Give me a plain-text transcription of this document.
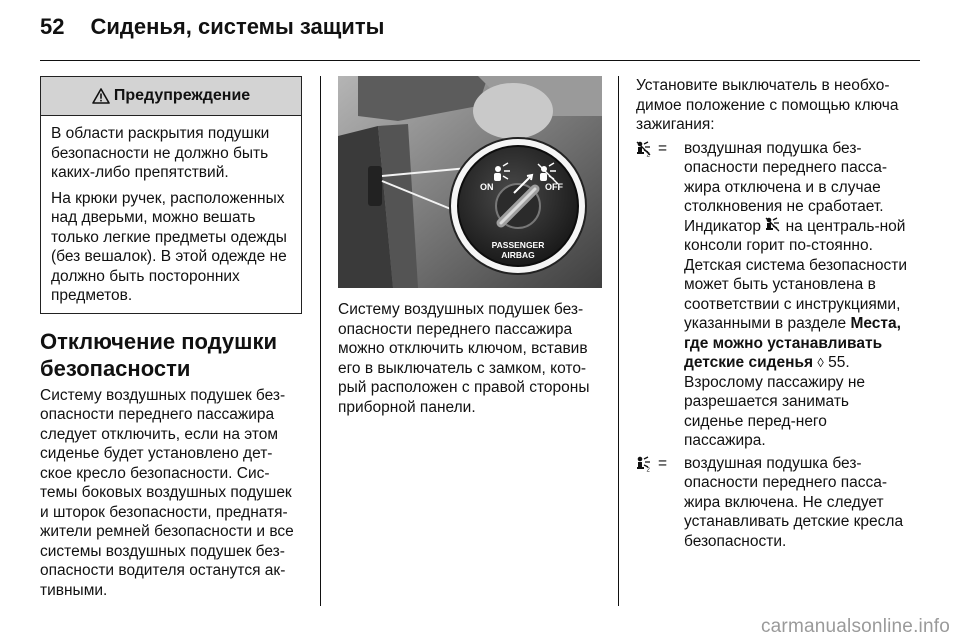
52 Сиденья, системы защиты
Предупреждение

В области раскрытия подушки безопасности не должно быть каких-либо препятствий.

На крюки ручек, расположенных над дверьми, можно вешать только легкие предметы одежды (без вешалок). В этой одежде не должно быть посторонних предметов.

Отключение подушки безопасности

Систему воздушных подушек без-опасности переднего пассажира следует отключить, если на этом сиденье будет установлено дет-ское кресло безопасности. Сис-темы боковых воздушных подушек и шторок безопасности, преднатя-жители ремней безопасности и все системы воздушных подушек без-опасности водителя останутся ак-тивными.

ON	OFF
PASSENGER
AIRBAG

Систему воздушных подушек без-опасности переднего пассажира можно отключить ключом, вставив его в выключатель с замком, кото-рый расположен с правой стороны приборной панели.

Установите выключатель в необхо-димое положение с помощью ключа зажигания:

2 =	воздушная подушка без-опасности переднего пасса-жира отключена и в случае столкновения не сработает. Индикатор на централь-ной консоли горит по-стоянно. Детская система безопасности может быть установлена в соответствии с инструкциями, указанными в разделе Места, где можно устанавливать детские сиденья ◊ 55. Взрослому пассажиру не разрешается занимать сиденье перед-него пассажира.
2 =	воздушная подушка без-опасности переднего пасса-жира включена. Не следует устанавливать детские кресла безопасности.
carmanualsonline.info
